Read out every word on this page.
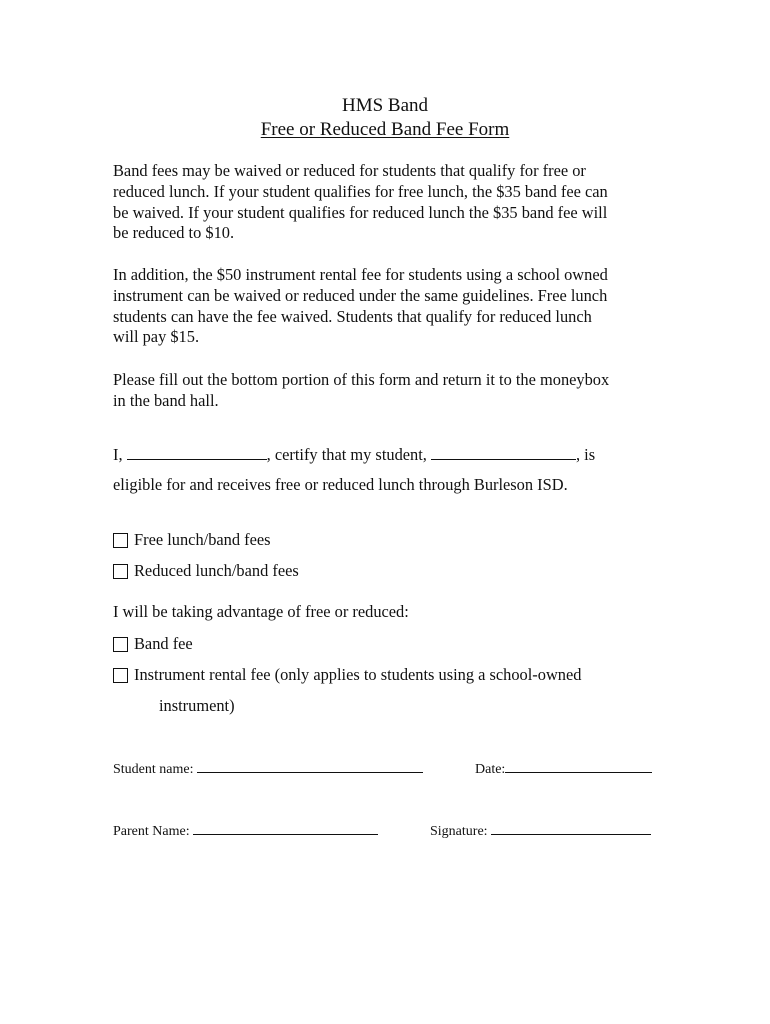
HMS Band
Free or Reduced Band Fee Form
Band fees may be waived or reduced for students that qualify for free or
reduced lunch. If your student qualifies for free lunch, the $35 band fee can
be waived. If your student qualifies for reduced lunch the $35 band fee will
be reduced to $10.
In addition, the $50 instrument rental fee for students using a school owned
instrument can be waived or reduced under the same guidelines. Free lunch
students can have the fee waived. Students that qualify for reduced lunch
will pay $15.
Please fill out the bottom portion of this form and return it to the moneybox
in the band hall.
I,	, certify that my student,	, is
eligible for and receives free or reduced lunch through Burleson ISD.
Free lunch/band fees
Reduced lunch/band fees
I will be taking advantage of free or reduced:
Band fee
Instrument rental fee (only applies to students using a school-owned
instrument)
Student name:	Date:
Parent Name:	Signature:
